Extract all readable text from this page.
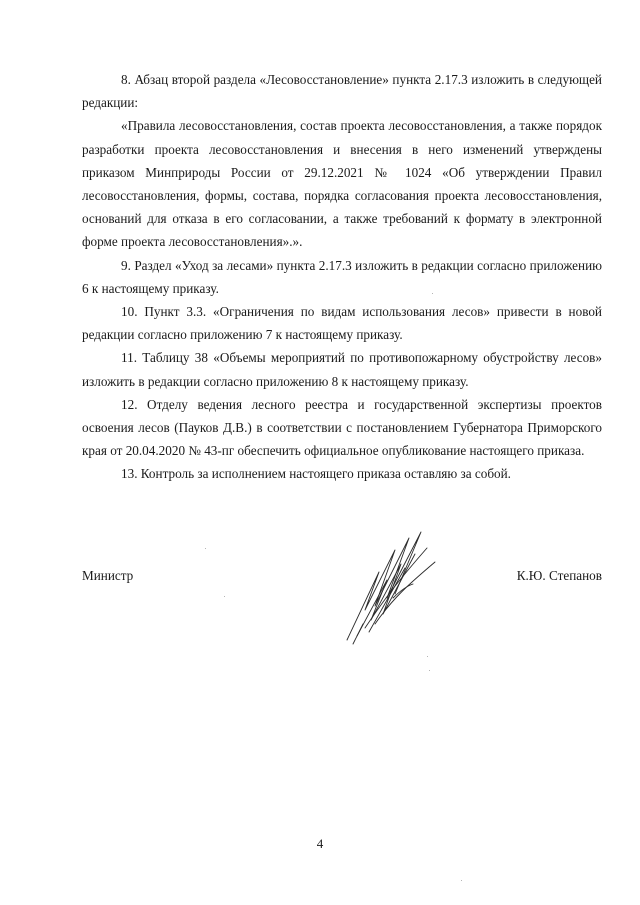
8. Абзац второй раздела «Лесовосстановление» пункта 2.17.3 изложить в следующей редакции:

«Правила лесовосстановления, состав проекта лесовосстановления, а также порядок разработки проекта лесовосстановления и внесения в него изменений утверждены приказом Минприроды России от 29.12.2021 № 1024 «Об утверждении Правил лесовосстановления, формы, состава, порядка согласования проекта лесовосстановления, оснований для отказа в его согласовании, а также требований к формату в электронной форме проекта лесовосстановления».».

9. Раздел «Уход за лесами» пункта 2.17.3 изложить в редакции согласно приложению 6 к настоящему приказу.

10. Пункт 3.3. «Ограничения по видам использования лесов» привести в новой редакции согласно приложению 7 к настоящему приказу.

11. Таблицу 38 «Объемы мероприятий по противопожарному обустройству лесов» изложить в редакции согласно приложению 8 к настоящему приказу.

12. Отделу ведения лесного реестра и государственной экспертизы проектов освоения лесов (Пауков Д.В.) в соответствии с постановлением Губернатора Приморского края от 20.04.2020 № 43-пг обеспечить официальное опубликование настоящего приказа.

13. Контроль за исполнением настоящего приказа оставляю за собой.

Министр	К.Ю. Степанов
4
